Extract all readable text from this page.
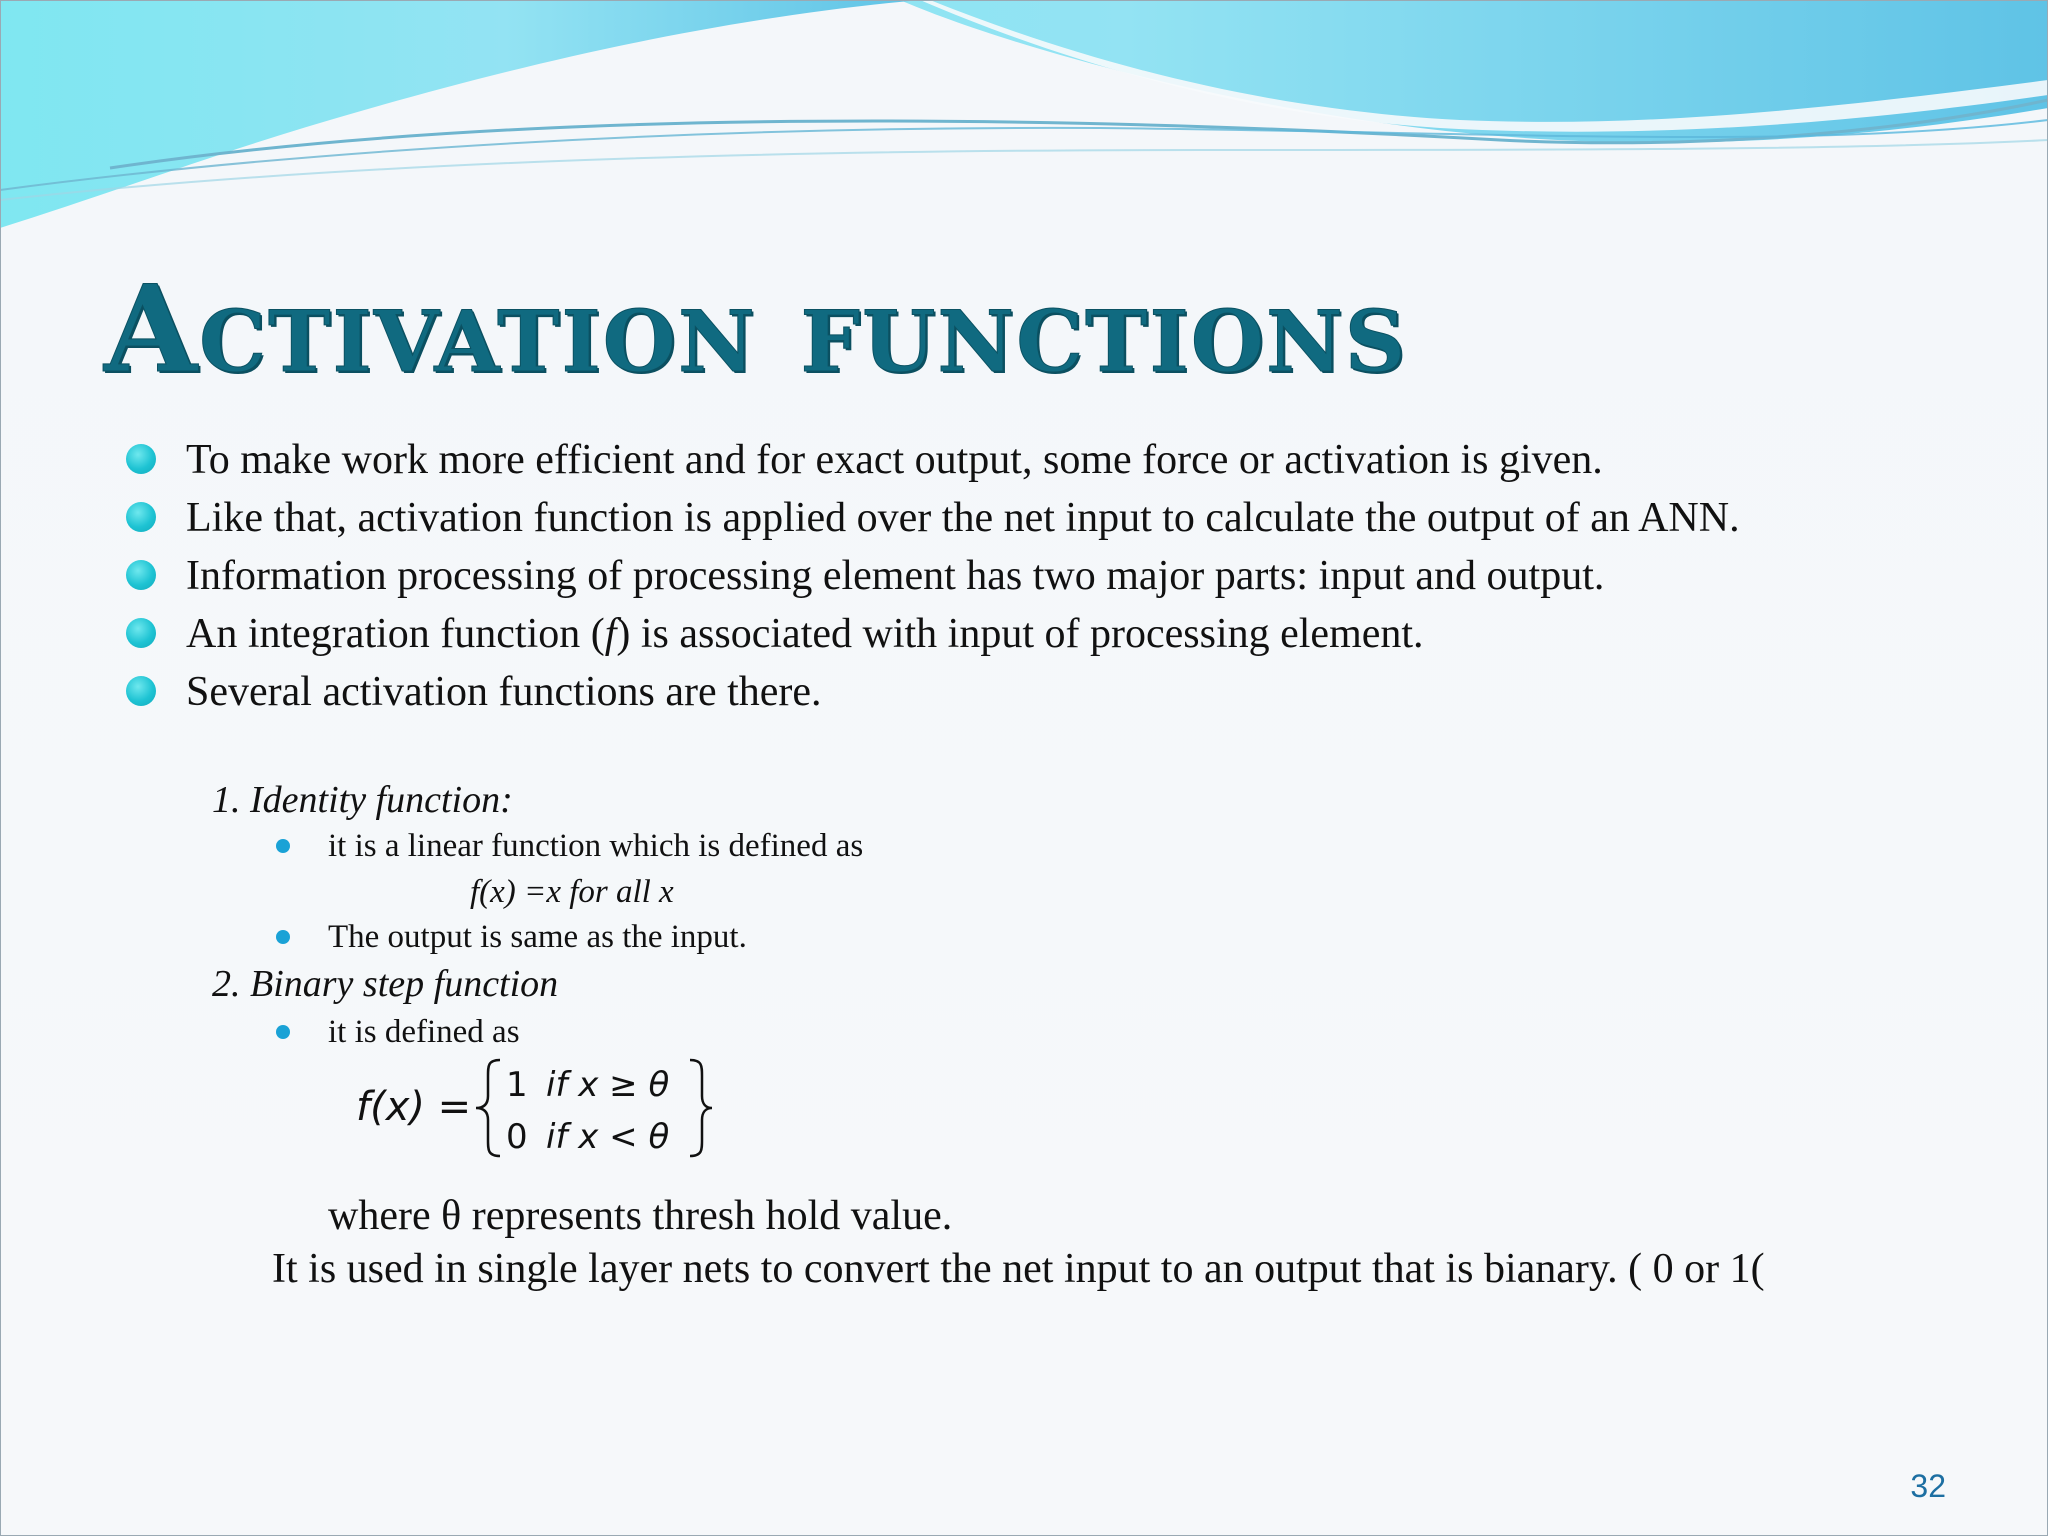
Activation functions
To make work more efficient and for exact output, some force or activation is given.
Like that, activation function is applied over the net input to calculate the output of an ANN.
Information processing of processing element has two major parts: input and output.
An integration function (f) is associated with input of processing element.
Several activation functions are there.

1. Identity function:

it is a linear function which is defined as
f(x) =x for all x
The output is same as the input.

2. Binary step function

it is defined as
f(x) = 1 if x ≥ θ
0 if x < θ
where θ represents thresh hold value.
It is used in single layer nets to convert the net input to an output that is bianary. ( 0 or 1(
32
